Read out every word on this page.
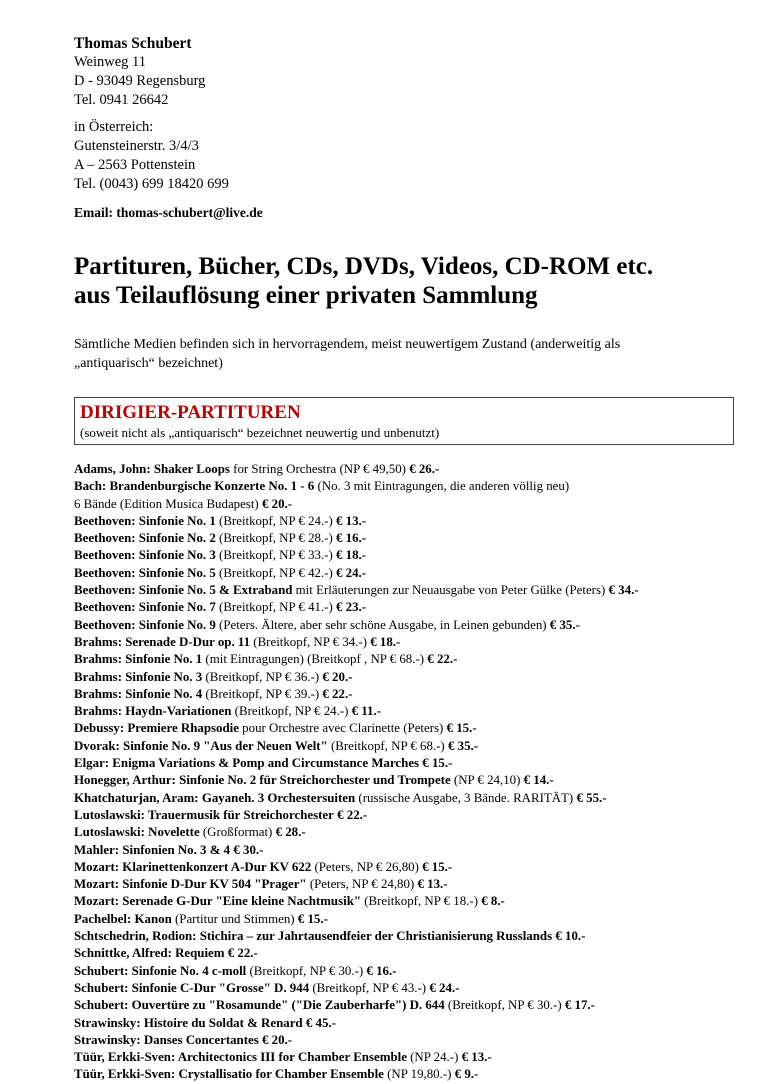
Thomas Schubert
Weinweg 11
D - 93049 Regensburg
Tel. 0941 26642
in Österreich:
Gutensteinerstr. 3/4/3
A – 2563 Pottenstein
Tel. (0043) 699 18420 699
Email: thomas-schubert@live.de
Partituren, Bücher, CDs, DVDs, Videos, CD-ROM etc.
aus Teilauflösung einer privaten Sammlung
Sämtliche Medien befinden sich in hervorragendem, meist neuwertigem Zustand (anderweitig als
„antiquarisch“ bezeichnet)
DIRIGIER-PARTITUREN
(soweit nicht als „antiquarisch“ bezeichnet neuwertig und unbenutzt)
Adams, John: Shaker Loops for String Orchestra (NP € 49,50) € 26.-
Bach: Brandenburgische Konzerte No. 1 - 6 (No. 3 mit Eintragungen, die anderen völlig neu)
6 Bände (Edition Musica Budapest) € 20.-
Beethoven: Sinfonie No. 1 (Breitkopf, NP € 24.-) € 13.-
Beethoven: Sinfonie No. 2 (Breitkopf, NP € 28.-) € 16.-
Beethoven: Sinfonie No. 3 (Breitkopf, NP € 33.-) € 18.-
Beethoven: Sinfonie No. 5 (Breitkopf, NP € 42.-) € 24.-
Beethoven: Sinfonie No. 5 & Extraband mit Erläuterungen zur Neuausgabe von Peter Gülke (Peters) € 34.-
Beethoven: Sinfonie No. 7 (Breitkopf, NP € 41.-) € 23.-
Beethoven: Sinfonie No. 9 (Peters. Ältere, aber sehr schöne Ausgabe, in Leinen gebunden) € 35.-
Brahms: Serenade D-Dur op. 11 (Breitkopf, NP € 34.-) € 18.-
Brahms: Sinfonie No. 1 (mit Eintragungen) (Breitkopf , NP € 68.-) € 22.-
Brahms: Sinfonie No. 3 (Breitkopf, NP € 36.-) € 20.-
Brahms: Sinfonie No. 4 (Breitkopf, NP € 39.-) € 22.-
Brahms: Haydn-Variationen (Breitkopf, NP € 24.-) € 11.-
Debussy: Premiere Rhapsodie pour Orchestre avec Clarinette (Peters) € 15.-
Dvorak: Sinfonie No. 9 "Aus der Neuen Welt" (Breitkopf, NP € 68.-) € 35.-
Elgar: Enigma Variations & Pomp and Circumstance Marches € 15.-
Honegger, Arthur: Sinfonie No. 2 für Streichorchester und Trompete (NP € 24,10) € 14.-
Khatchaturjan, Aram: Gayaneh. 3 Orchestersuiten (russische Ausgabe, 3 Bände. RARITÄT) € 55.-
Lutoslawski: Trauermusik für Streichorchester € 22.-
Lutoslawski: Novelette (Großformat) € 28.-
Mahler: Sinfonien No. 3 & 4 € 30.-
Mozart: Klarinettenkonzert A-Dur KV 622 (Peters, NP € 26,80) € 15.-
Mozart: Sinfonie D-Dur KV 504 "Prager" (Peters, NP € 24,80) € 13.-
Mozart: Serenade G-Dur "Eine kleine Nachtmusik" (Breitkopf, NP € 18.-) € 8.-
Pachelbel: Kanon (Partitur und Stimmen) € 15.-
Schtschedrin, Rodion: Stichira – zur Jahrtausendfeier der Christianisierung Russlands € 10.-
Schnittke, Alfred: Requiem € 22.-
Schubert: Sinfonie No. 4 c-moll (Breitkopf, NP € 30.-) € 16.-
Schubert: Sinfonie C-Dur "Grosse" D. 944 (Breitkopf, NP € 43.-) € 24.-
Schubert: Ouvertüre zu "Rosamunde" ("Die Zauberharfe") D. 644 (Breitkopf, NP € 30.-) € 17.-
Strawinsky: Histoire du Soldat & Renard € 45.-
Strawinsky: Danses Concertantes € 20.-
Tüür, Erkki-Sven: Architectonics III for Chamber Ensemble (NP 24.-) € 13.-
Tüür, Erkki-Sven: Crystallisatio for Chamber Ensemble (NP 19,80.-) € 9.-
